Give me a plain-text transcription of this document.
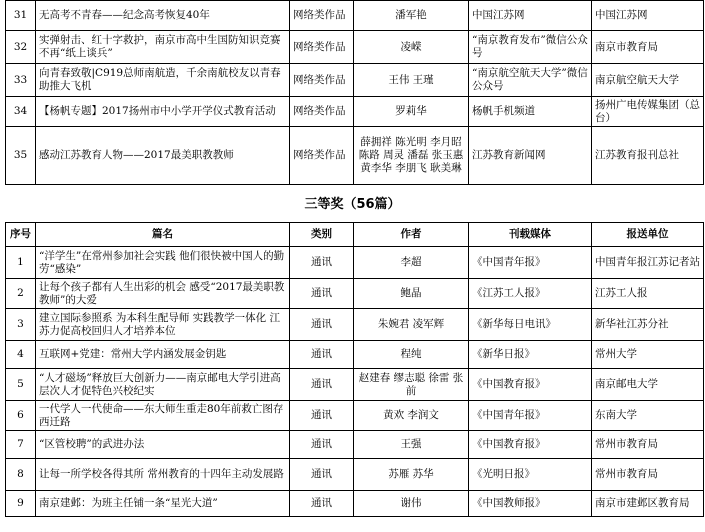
31	无高考不青春——纪念高考恢复40年	网络类作品	潘军艳	中国江苏网	中国江苏网
32	实弹射击、红十字救护，南京市高中生国防知识竞赛不再“纸上谈兵”	网络类作品	凌嵘	“南京教育发布”微信公众号	南京市教育局
33	向青春致敬|C919总师南航造，千余南航校友以青春助推大飞机	网络类作品	王伟 王瑾	“南京航空航天大学”微信公众号	南京航空航天大学
34	【杨帆专题】2017扬州市中小学开学仪式教育活动	网络类作品	罗莉华	杨帆手机频道	扬州广电传媒集团（总台）
35	感动江苏教育人物——2017最美职教教师	网络类作品	薛拥祥 陈光明 李月昭 陈路 周灵 潘磊 张玉惠 黄李华 李朋飞 耿美琳	江苏教育新闻网	江苏教育报刊总社
三等奖（56篇）
序号	篇名	类别	作者	刊载媒体	报送单位
1	“洋学生”在常州参加社会实践 他们很快被中国人的勤劳“感染”	通讯	李超	《中国青年报》	中国青年报江苏记者站
2	让每个孩子都有人生出彩的机会 感受“2017最美职教教师”的大爱	通讯	鲍晶	《江苏工人报》	江苏工人报
3	建立国际参照系 为本科生配导师 实践教学一体化 江苏力促高校回归人才培养本位	通讯	朱婉君 凌军辉	《新华每日电讯》	新华社江苏分社
4	互联网+党建：常州大学内涵发展金钥匙	通讯	程纯	《新华日报》	常州大学
5	“人才磁场”释放巨大创新力——南京邮电大学引进高层次人才促特色兴校纪实	通讯	赵建春 缪志聪 徐雷 张前	《中国教育报》	南京邮电大学
6	一代学人一代使命——东大师生重走80年前救亡图存西迁路	通讯	黄欢 李润文	《中国青年报》	东南大学
7	“区管校聘”的武进办法	通讯	王强	《中国教育报》	常州市教育局
8	让每一所学校各得其所 常州教育的十四年主动发展路	通讯	苏雁 苏华	《光明日报》	常州市教育局
9	南京建邺：为班主任铺一条“星光大道”	通讯	谢伟	《中国教师报》	南京市建邺区教育局
